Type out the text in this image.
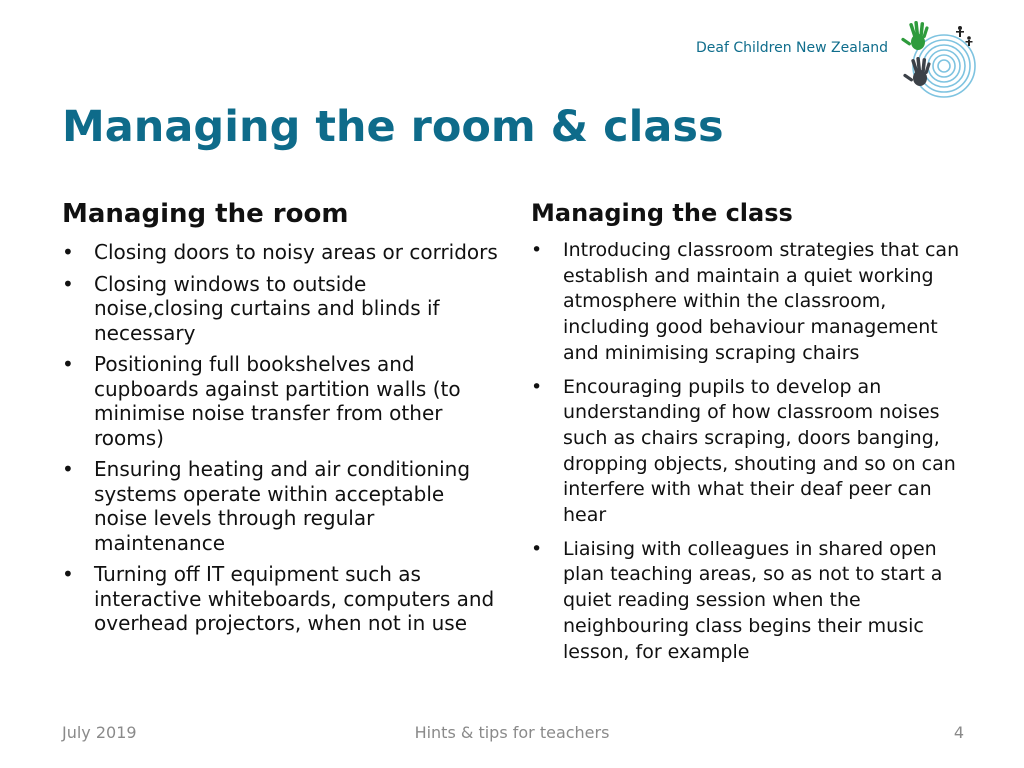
Deaf Children New Zealand
Managing the room & class
Managing the room
• Closing doors to noisy areas or corridors
• Closing windows to outside noise,closing curtains and blinds if necessary
• Positioning full bookshelves and cupboards against partition walls (to minimise noise transfer from other rooms)
• Ensuring heating and air conditioning systems operate within acceptable noise levels through regular maintenance
• Turning off IT equipment such as interactive whiteboards, computers and overhead projectors, when not in use
Managing the class
• Introducing classroom strategies that can establish and maintain a quiet working atmosphere within the classroom, including good behaviour management and minimising scraping chairs
• Encouraging pupils to develop an understanding of how classroom noises such as chairs scraping, doors banging, dropping objects, shouting and so on can interfere with what their deaf peer can hear
• Liaising with colleagues in shared open plan teaching areas, so as not to start a quiet reading session when the neighbouring class begins their music lesson, for example
July 2019	Hints & tips for teachers	4
